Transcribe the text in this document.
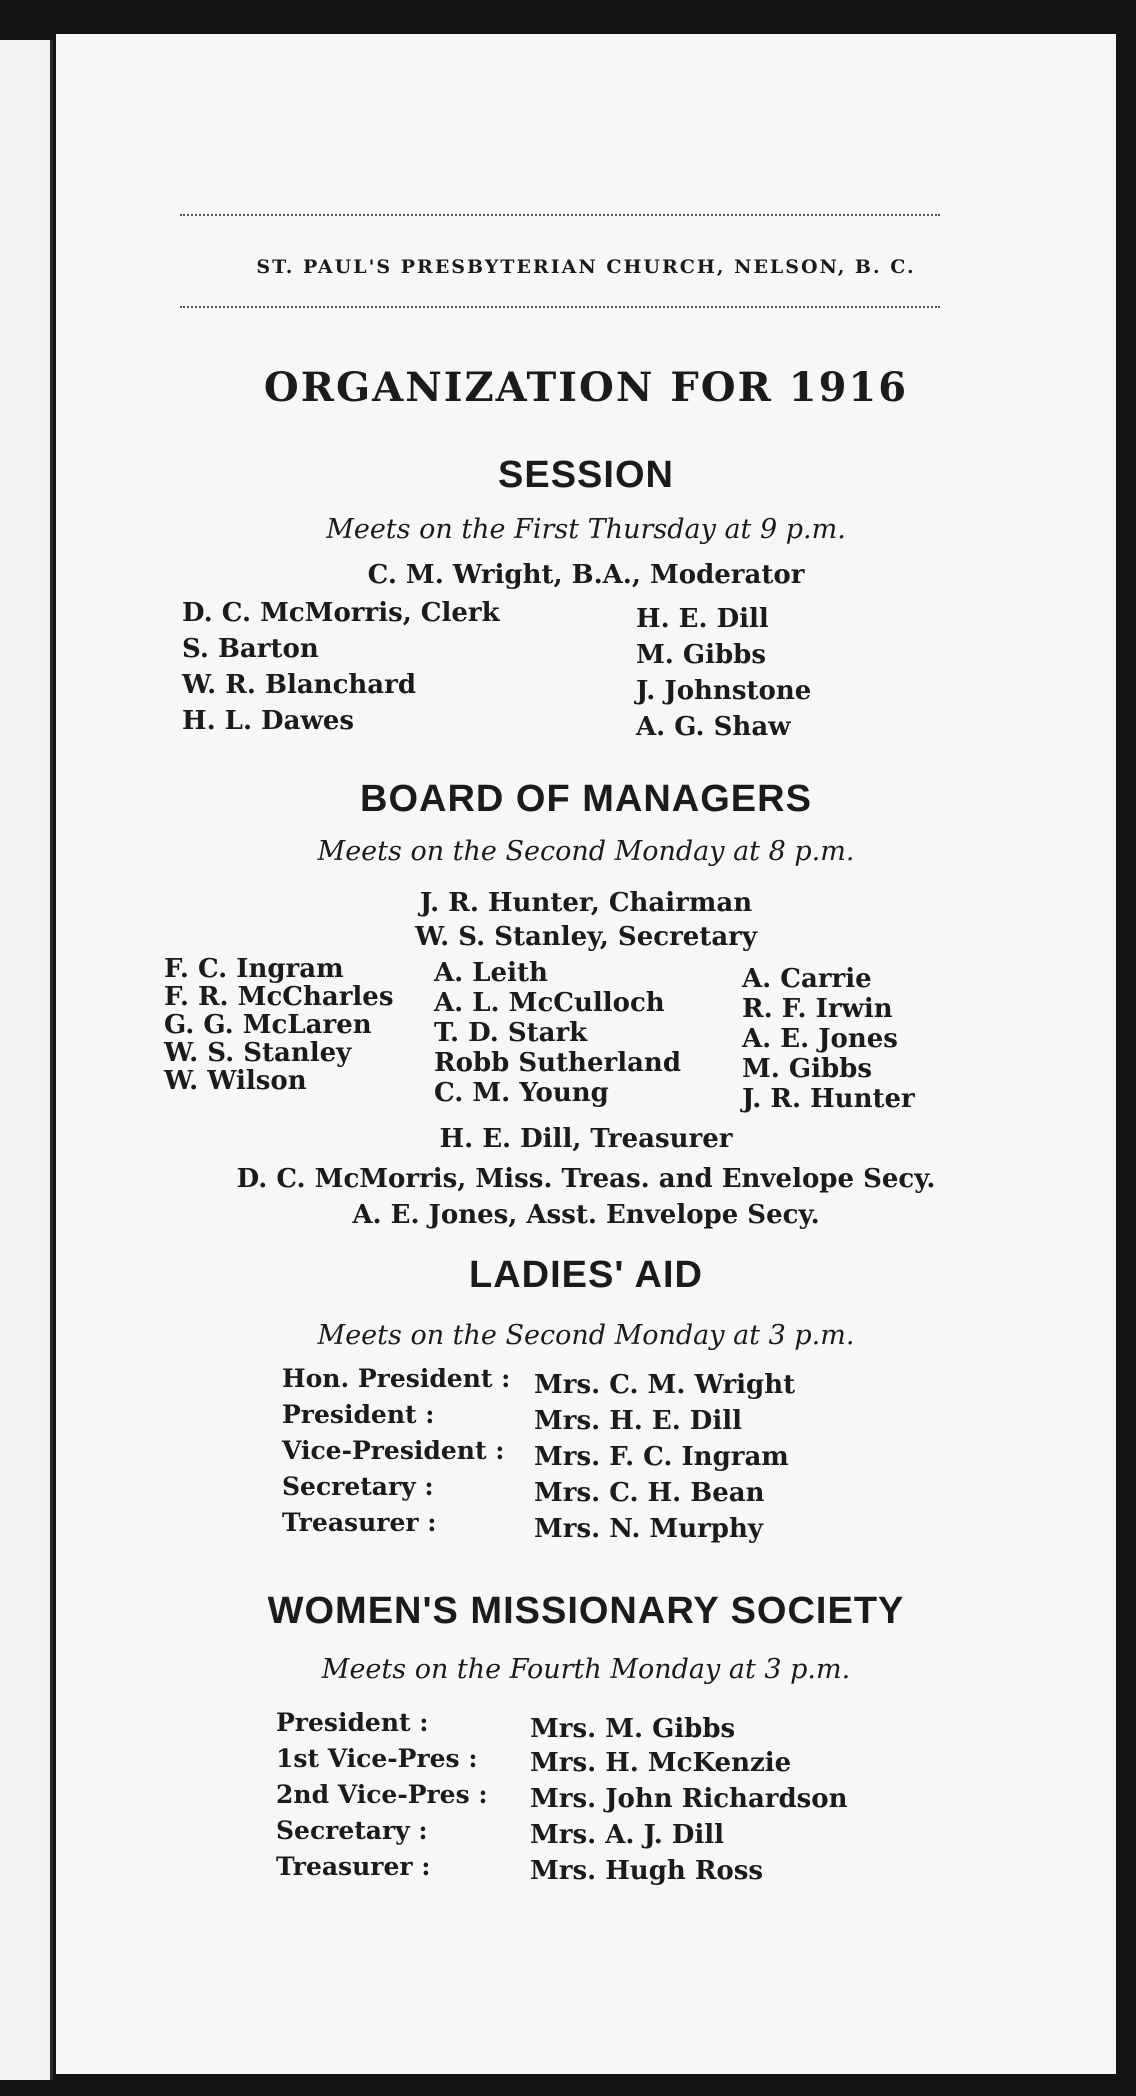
ST. PAUL'S PRESBYTERIAN CHURCH, NELSON, B. C.
ORGANIZATION FOR 1916
SESSION
Meets on the First Thursday at 9 p.m.
C. M. Wright, B.A., Moderator
D. C. McMorris, Clerk
S. Barton
W. R. Blanchard
H. L. Dawes
H. E. Dill
M. Gibbs
J. Johnstone
A. G. Shaw
BOARD OF MANAGERS
Meets on the Second Monday at 8 p.m.
J. R. Hunter, Chairman
W. S. Stanley, Secretary
F. C. Ingram
F. R. McCharles
G. G. McLaren
W. S. Stanley
W. Wilson
A. Leith
A. L. McCulloch
T. D. Stark
Robb Sutherland
C. M. Young
A. Carrie
R. F. Irwin
A. E. Jones
M. Gibbs
J. R. Hunter
H. E. Dill, Treasurer
D. C. McMorris, Miss. Treas. and Envelope Secy.
A. E. Jones, Asst. Envelope Secy.
LADIES' AID
Meets on the Second Monday at 3 p.m.
Hon. President :
President :
Vice-President :
Secretary :
Treasurer :
Mrs. C. M. Wright
Mrs. H. E. Dill
Mrs. F. C. Ingram
Mrs. C. H. Bean
Mrs. N. Murphy
WOMEN'S MISSIONARY SOCIETY
Meets on the Fourth Monday at 3 p.m.
President :
1st Vice-Pres :
2nd Vice-Pres :
Secretary :
Treasurer :
Mrs. M. Gibbs
Mrs. H. McKenzie
Mrs. John Richardson
Mrs. A. J. Dill
Mrs. Hugh Ross
